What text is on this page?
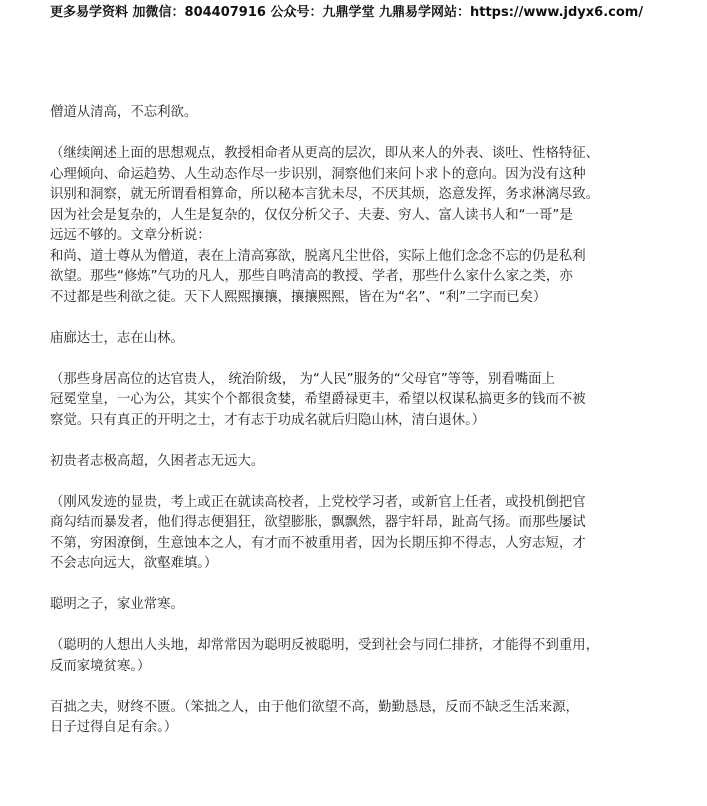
更多易学资料 加微信：804407916 公众号：九鼎学堂 九鼎易学网站：https://www.jdyx6.com/
僧道从清高，不忘利欲。
（继续阐述上面的思想观点，教授相命者从更高的层次，即从来人的外表、谈吐、性格特征、
心理倾向、命运趋势、人生动态作尽一步识别，洞察他们来问卜求卜的意向。因为没有这种
识别和洞察，就无所谓看相算命，所以秘本言犹未尽，不厌其烦，恣意发挥，务求淋漓尽致。
因为社会是复杂的，人生是复杂的，仅仅分析父子、夫妻、穷人、富人读书人和“一哥”是
远远不够的。文章分析说：
和尚、道士尊从为僧道，表在上清高寡欲，脱离凡尘世俗，实际上他们念念不忘的仍是私利
欲望。那些“修炼”气功的凡人，那些自鸣清高的教授、学者，那些什么家什么家之类，亦
不过都是些利欲之徒。天下人熙熙攘攘，攘攘熙熙，皆在为“名”、“利”二字而已矣）
庙廊达士，志在山林。
（那些身居高位的达官贵人， 统治阶级， 为“人民”服务的“父母官”等等，别看嘴面上
冠冕堂皇，一心为公，其实个个都很贪婪，希望爵禄更丰，希望以权谋私搞更多的钱而不被
察觉。只有真正的开明之士，才有志于功成名就后归隐山林，清白退休。）
初贵者志极高超，久困者志无远大。
（刚风发迹的显贵，考上或正在就读高校者，上党校学习者，或新官上任者，或投机倒把官
商勾结而暴发者，他们得志便猖狂，欲望膨胀，飘飘然，器宇轩昂，趾高气扬。而那些屡试
不第，穷困潦倒，生意蚀本之人，有才而不被重用者，因为长期压抑不得志，人穷志短，才
不会志向远大，欲壑难填。）
聪明之子，家业常寒。
（聪明的人想出人头地，却常常因为聪明反被聪明，受到社会与同仁排挤，才能得不到重用，
反而家境贫寒。）
百拙之夫，财终不匮。（笨拙之人，由于他们欲望不高，勤勤恳恳，反而不缺乏生活来源，
日子过得自足有余。）
